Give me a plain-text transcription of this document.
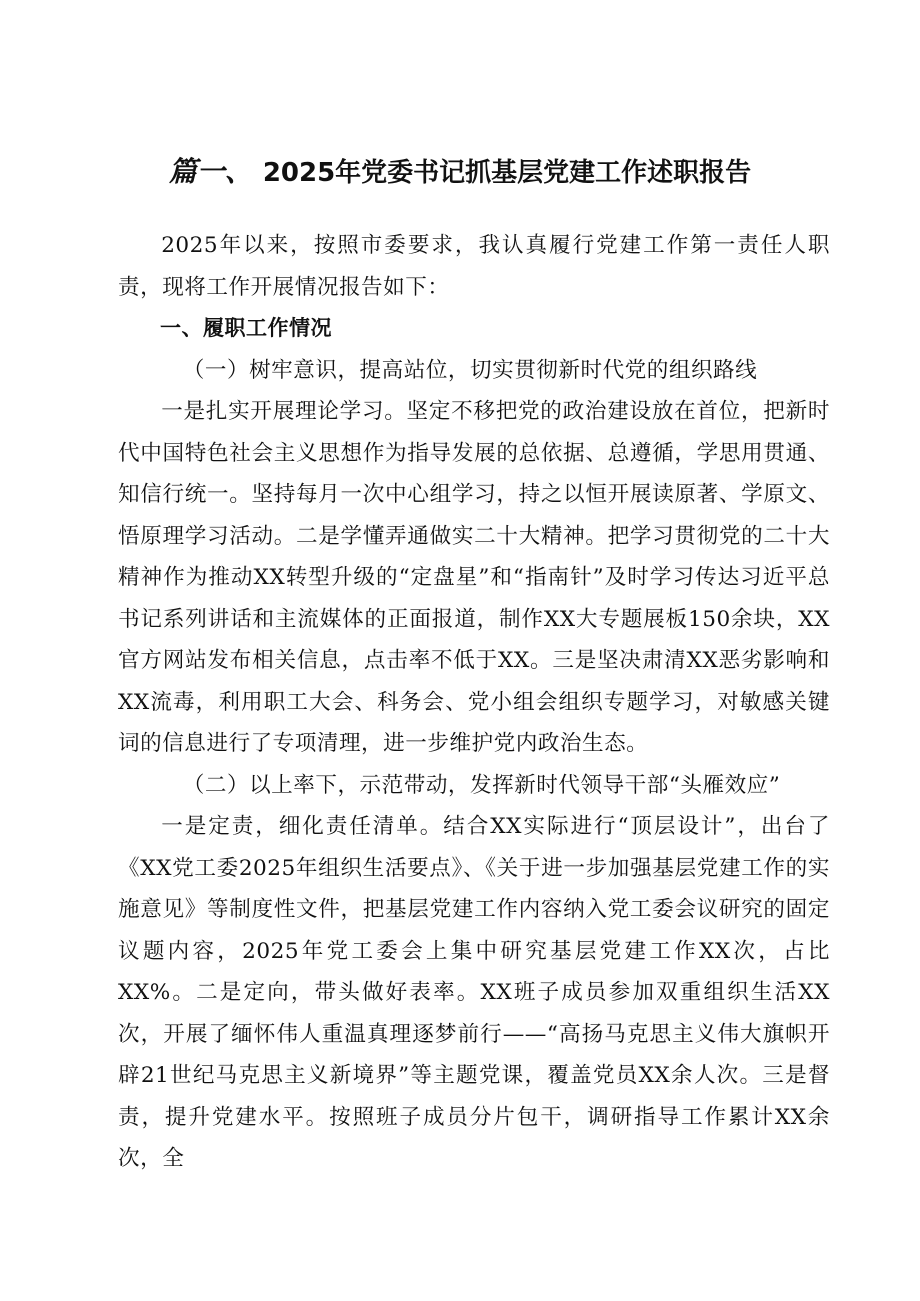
篇一、 2025年党委书记抓基层党建工作述职报告

2025年以来，按照市委要求，我认真履行党建工作第一责任人职责，现将工作开展情况报告如下：

一、履职工作情况

（一）树牢意识，提高站位，切实贯彻新时代党的组织路线

一是扎实开展理论学习。坚定不移把党的政治建设放在首位，把新时代中国特色社会主义思想作为指导发展的总依据、总遵循，学思用贯通、知信行统一。坚持每月一次中心组学习，持之以恒开展读原著、学原文、悟原理学习活动。二是学懂弄通做实二十大精神。把学习贯彻党的二十大精神作为推动XX转型升级的“定盘星”和“指南针”及时学习传达习近平总书记系列讲话和主流媒体的正面报道，制作XX大专题展板150余块，XX官方网站发布相关信息，点击率不低于XX。三是坚决肃清XX恶劣影响和XX流毒，利用职工大会、科务会、党小组会组织专题学习，对敏感关键词的信息进行了专项清理，进一步维护党内政治生态。

（二）以上率下，示范带动，发挥新时代领导干部“头雁效应”

一是定责，细化责任清单。结合XX实际进行“顶层设计”，出台了《XX党工委2025年组织生活要点》、《关于进一步加强基层党建工作的实施意见》等制度性文件，把基层党建工作内容纳入党工委会议研究的固定议题内容，2025年党工委会上集中研究基层党建工作XX次，占比XX%。二是定向，带头做好表率。XX班子成员参加双重组织生活XX次，开展了缅怀伟人重温真理逐梦前行——“高扬马克思主义伟大旗帜开辟21世纪马克思主义新境界”等主题党课，覆盖党员XX余人次。三是督责，提升党建水平。按照班子成员分片包干，调研指导工作累计XX余次，全
